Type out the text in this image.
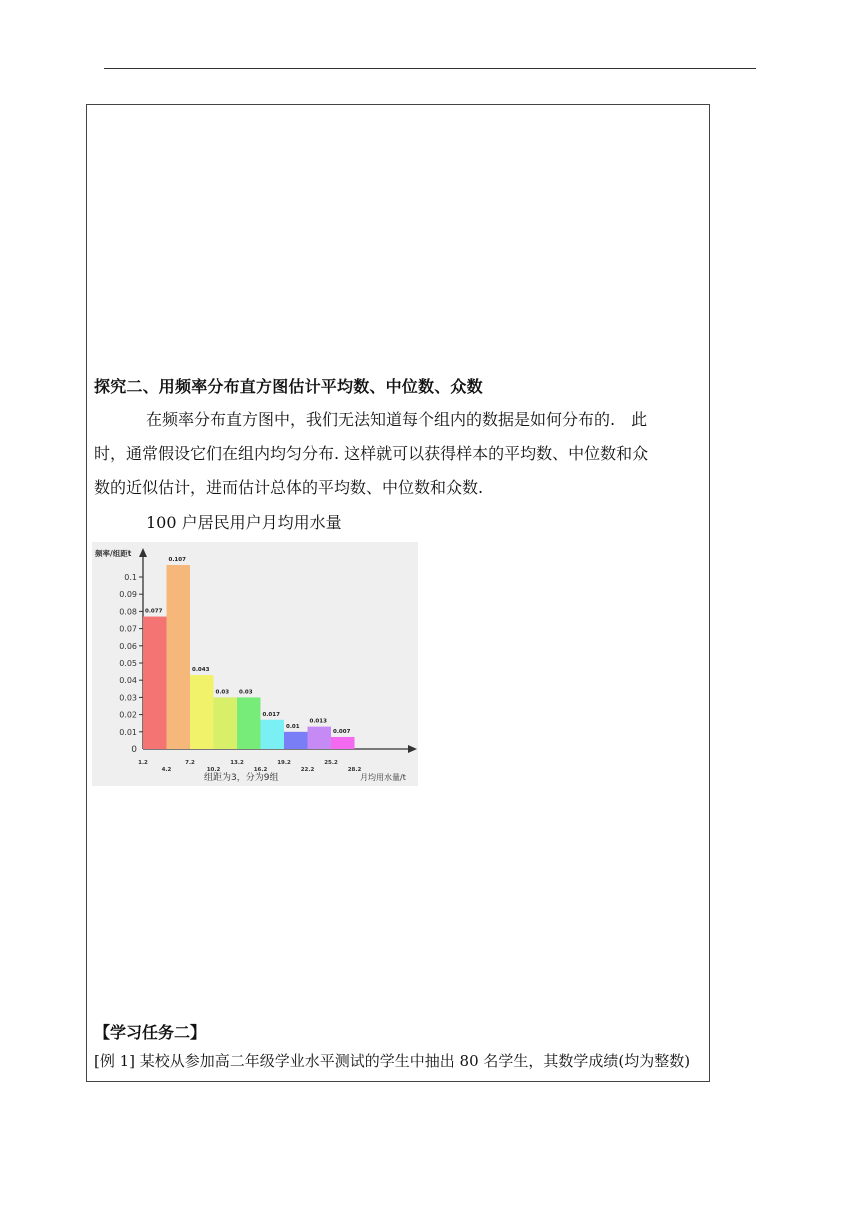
探究二、用频率分布直方图估计平均数、中位数、众数
在频率分布直方图中，我们无法知道每个组内的数据是如何分布的.　此
时，通常假设它们在组内均匀分布. 这样就可以获得样本的平均数、中位数和众
数的近似估计，进而估计总体的平均数、中位数和众数.
100 户居民用户月均用水量
0.077
0.107
0.043
0.03 0.03
0.017
0.01
0.013
0.007
0
0.01
0.02
0.03
0.04
0.05
0.06
0.07
0.08
0.09
0.1
1.2
4.2
7.2
10.2
13.2
16.2
19.2
22.2
25.2
28.2
频率/组距t
月均用水量/t
组距为3，分为9组
【学习任务二】
[例 1] 某校从参加高二年级学业水平测试的学生中抽出 80 名学生，其数学成绩(均为整数)
